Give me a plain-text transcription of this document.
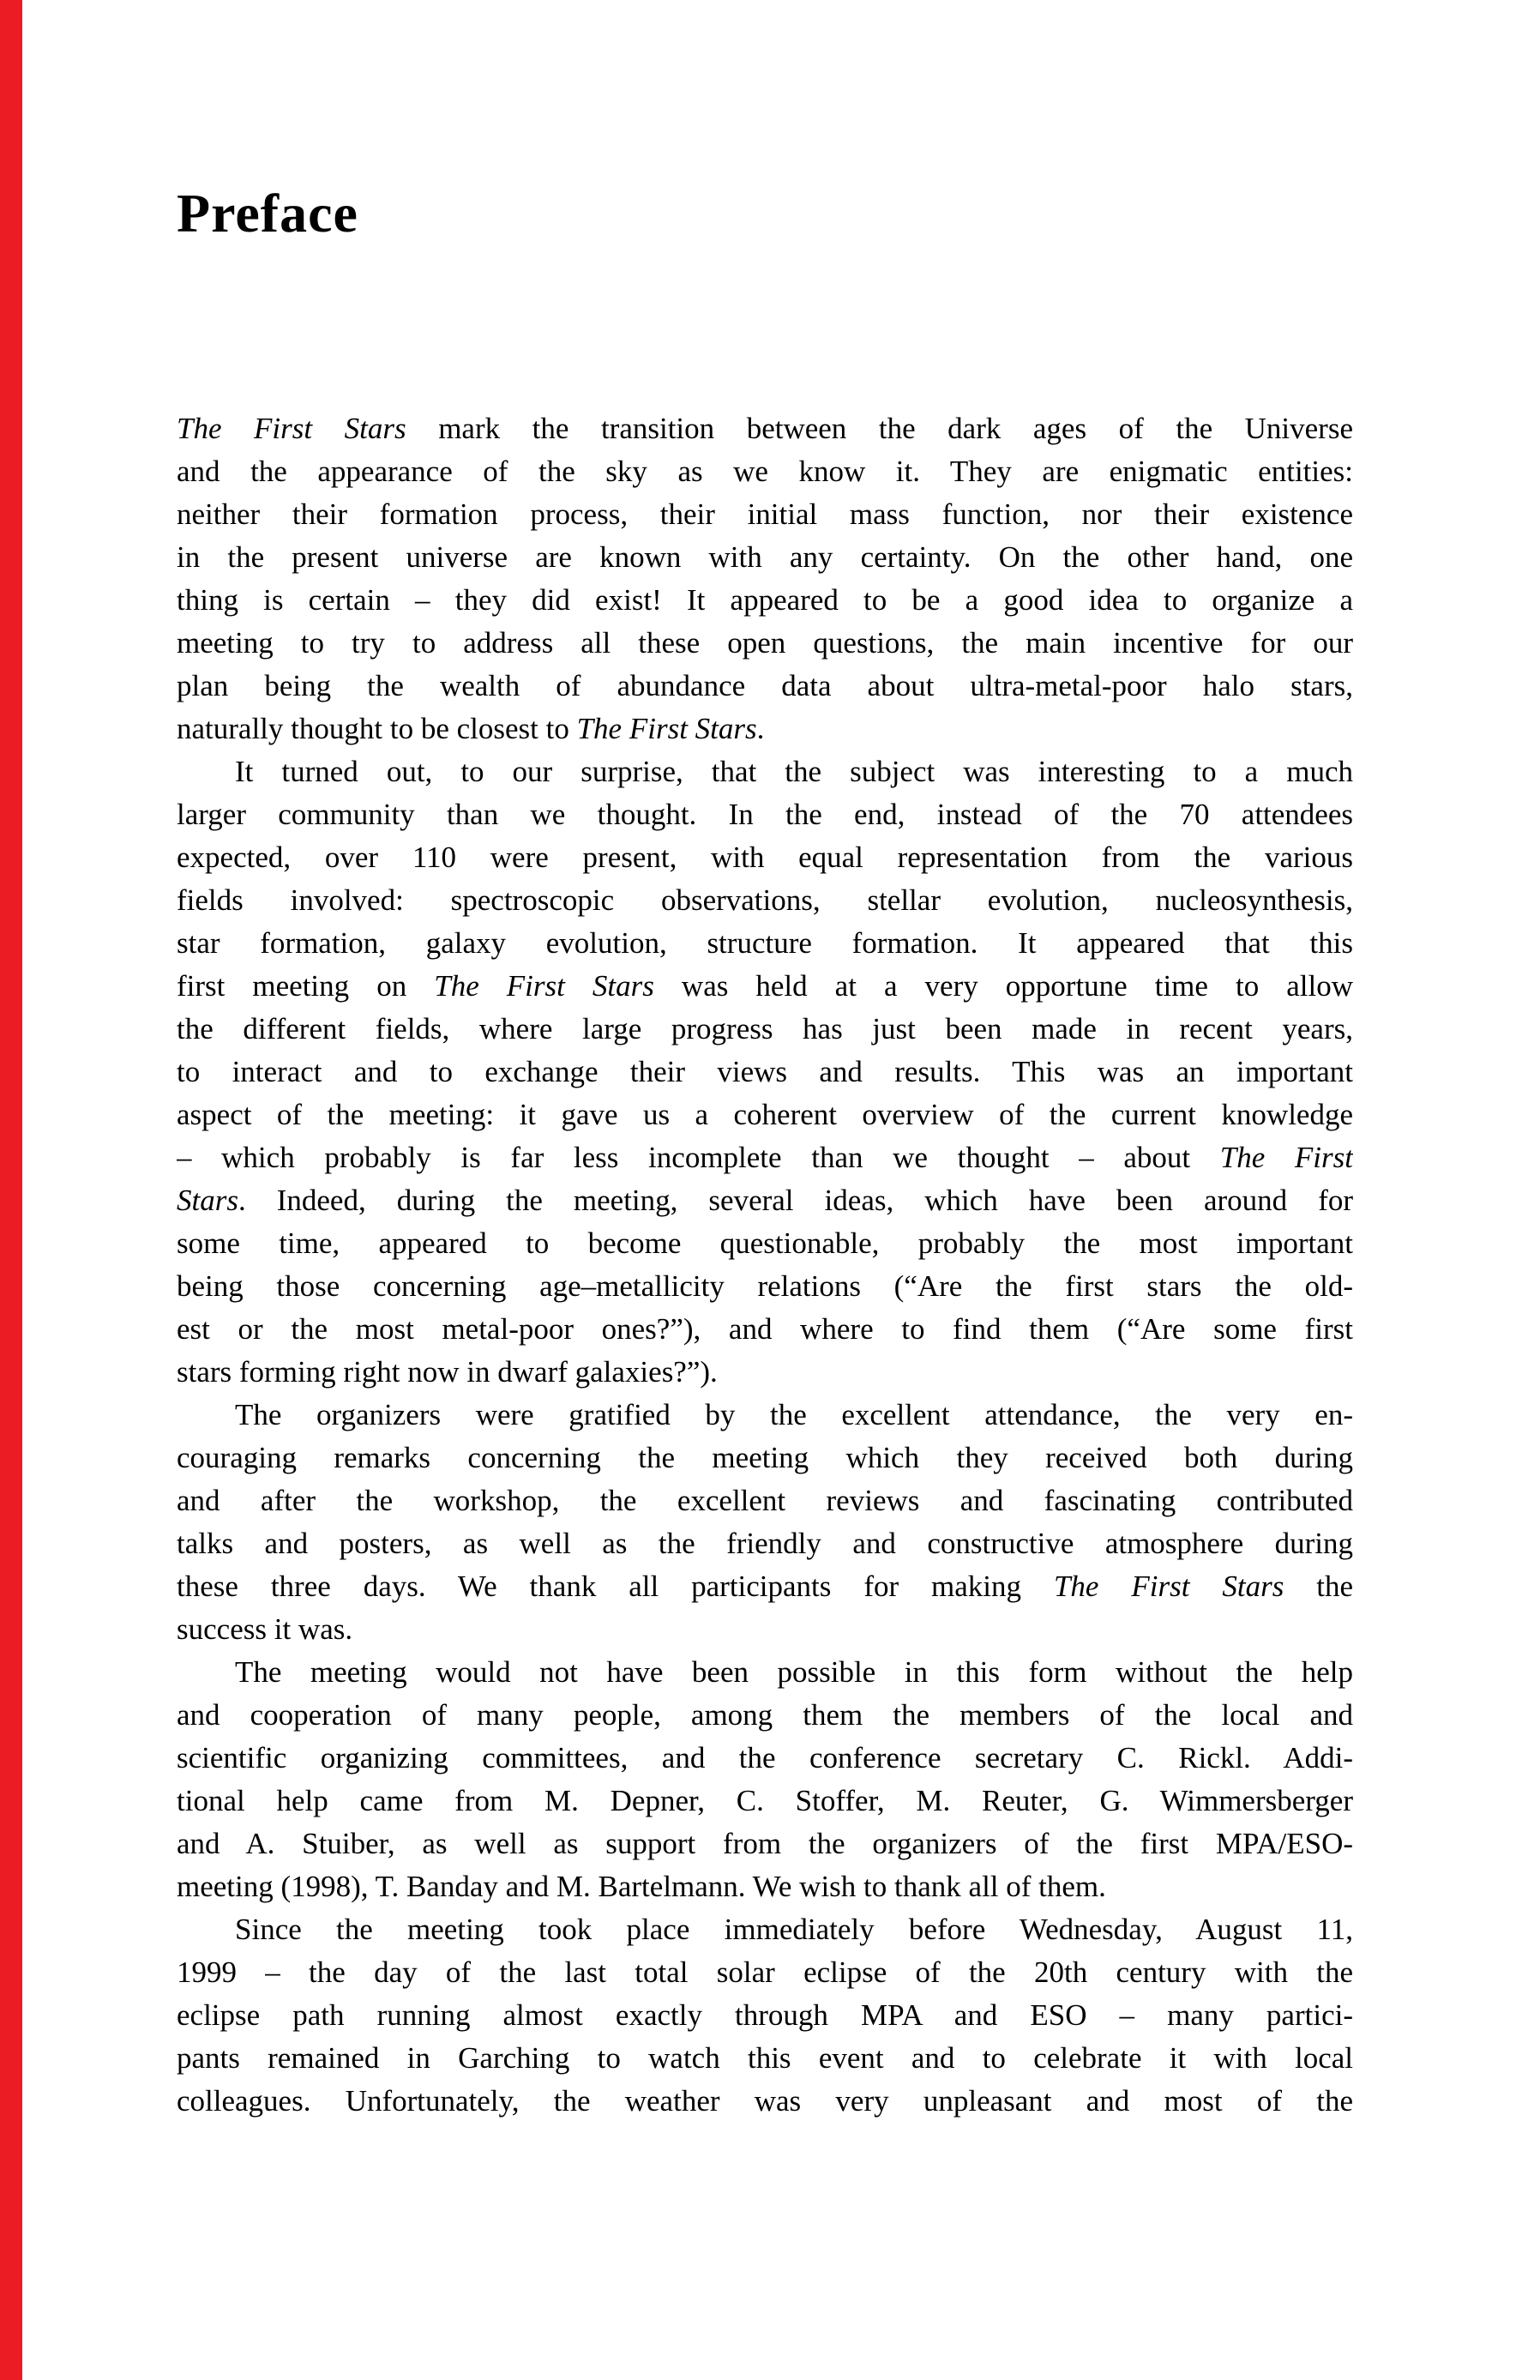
Preface
The First Stars mark the transition between the dark ages of the Universe
and the appearance of the sky as we know it. They are enigmatic entities:
neither their formation process, their initial mass function, nor their existence
in the present universe are known with any certainty. On the other hand, one
thing is certain – they did exist! It appeared to be a good idea to organize a
meeting to try to address all these open questions, the main incentive for our
plan being the wealth of abundance data about ultra-metal-poor halo stars,
naturally thought to be closest to The First Stars.
It turned out, to our surprise, that the subject was interesting to a much
larger community than we thought. In the end, instead of the 70 attendees
expected, over 110 were present, with equal representation from the various
fields involved: spectroscopic observations, stellar evolution, nucleosynthesis,
star formation, galaxy evolution, structure formation. It appeared that this
first meeting on The First Stars was held at a very opportune time to allow
the different fields, where large progress has just been made in recent years,
to interact and to exchange their views and results. This was an important
aspect of the meeting: it gave us a coherent overview of the current knowledge
– which probably is far less incomplete than we thought – about The First
Stars. Indeed, during the meeting, several ideas, which have been around for
some time, appeared to become questionable, probably the most important
being those concerning age–metallicity relations (“Are the first stars the old-
est or the most metal-poor ones?”), and where to find them (“Are some first
stars forming right now in dwarf galaxies?”).
The organizers were gratified by the excellent attendance, the very en-
couraging remarks concerning the meeting which they received both during
and after the workshop, the excellent reviews and fascinating contributed
talks and posters, as well as the friendly and constructive atmosphere during
these three days. We thank all participants for making The First Stars the
success it was.
The meeting would not have been possible in this form without the help
and cooperation of many people, among them the members of the local and
scientific organizing committees, and the conference secretary C. Rickl. Addi-
tional help came from M. Depner, C. Stoffer, M. Reuter, G. Wimmersberger
and A. Stuiber, as well as support from the organizers of the first MPA/ESO-
meeting (1998), T. Banday and M. Bartelmann. We wish to thank all of them.
Since the meeting took place immediately before Wednesday, August 11,
1999 – the day of the last total solar eclipse of the 20th century with the
eclipse path running almost exactly through MPA and ESO – many partici-
pants remained in Garching to watch this event and to celebrate it with local
colleagues. Unfortunately, the weather was very unpleasant and most of the
